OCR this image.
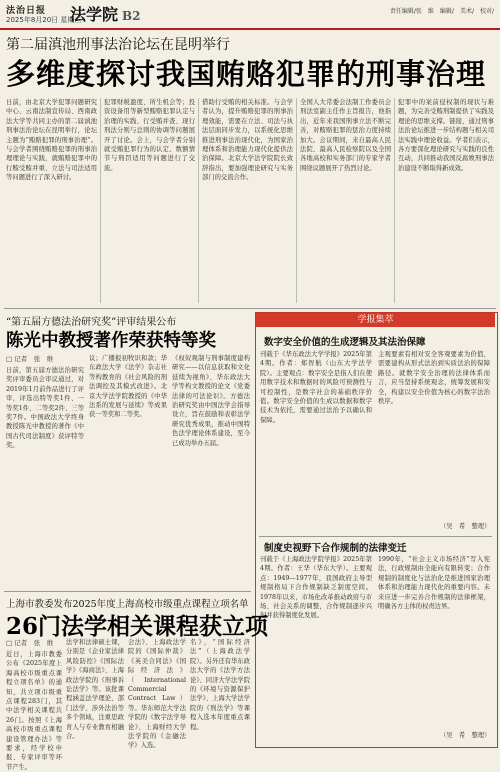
法治日报
2025年8月20日 星期三
法学院 B2	责任编辑/张　维　编辑/　美术/　校对/
第二届滇池刑事法治论坛在昆明举行
多维度探讨我国贿赂犯罪的刑事治理
日前，由北京大学犯罪问题研究中心、云南法制宣传局、西南政法大学等共同主办的第二届滇池刑事法治论坛在昆明举行，论坛主题为“贿赂犯罪的刑事治理”。与会学者围绕贿赂犯罪的刑事治理理论与实践，就贿赂犯罪中的行贿受贿并重、立法与司法适用等问题进行了深入研讨。
犯罪财税盈度、所生机会等；投资设备用等新型贿赂犯罪认定与治理的实践、行受贿并查、现行刑法分则与总则的协调等问题展开了讨论。会上，与会学者分别就受贿犯罪行为的认定、数额情节与刑罚适用等问题进行了交流。
借助行受贿的相关标准。与会学者认为，提升贿赂犯罪的刑事治理效能，需要在立法、司法与执法层面同步发力，以系统化思维推进刑事法治现代化，为国家治理体系和治理能力现代化提供法治保障。北京大学法学院院长致辞指出，要加强理论研究与实务部门的交流合作。
全国人大常委会法制工作委员会刑法室副主任作主旨报告，他指出，近年来我国刑事立法不断完善，对贿赂犯罪的惩治力度持续加大。会议期间，来自最高人民法院、最高人民检察院以及全国各地高校和实务部门的专家学者围绕议题展开了热烈讨论。
犯罪中的案前侵权制的现状与难题，为完善受贿刑制提供了实践及理论的思维支撑。链接，通过刑事法治论坛推进一步结构题与相关司法实践中理论收益。学者们表示，各方要深化理论研究与实践的良性互动，共同推动我国反腐败刑事法治建设不断取得新成效。
“第五届方德法治研究奖”评审结果公布
陈光中教授著作荣获特等奖
□ 记者　张　维
日前，第五届方德法治研究奖评审委员会审议通过，对2019年1月前作品进行了评审，评选出特等奖1件、一等奖1件、二等奖2件、三等奖7件。中国政法大学终身教授陈光中教授的著作《中国古代司法制度》获评特等奖。
议；广播报初牧识和款；华东政法大学《法学》杂志社等构教育的《社会风险的刑法调控及其模式改进》。北京大学法学院教授的《中华法系的发展与延续》等成果获一等奖和二等奖。
《权奴观制与刑事制度建构研究——以信息获取和文化延续为视角》、华东政法大学等构文教授的论文《党委法律的可法论识》。方德法治研究奖由中国法学会指导设立，旨在鼓励和表彰法学研究优秀成果，推动中国特色法学理论体系建设，至今已成功举办五届。
学报集萃
数字安全价值的生成逻辑及其法治保障
刊载于《华东政法大学学报》2025年第4期。作者：郑智航（山东大学法学院）。主要观点：数字安全是指人们在使用数字技术和数据时的风险可预测性与可控制性，是数字社会的基础秩序价值。数字安全价值的生成以数据和数字技术为依托，需要通过法治予以确认和保障。
主观要素有相对安全客观要素为价值，需要建构从形式法治到实质法治的保障路径。就数字安全治理的法律体系而言，应当坚持系统观念，统筹发展和安全，构建以安全价值为核心的数字法治秩序。
（吴　希　整理）
制度史视野下合作规制的法律变迁
刊载于《上海政法学院学报》2025年第4期。作者：王华（华东大学）。主要观点：1949—1977年，我国政府主导型规制格局下合作规制缺乏制度空间。1978年以来，市场化改革推动政府与市场、社会关系的调整，合作规制逐步兴起并获得制度化发展。
1990年，“社会主义市场经济”写入宪法，行政规制由全能向有限转变；合作规制的制度化与法治化是推进国家治理体系和治理能力现代化的重要内容。未来应进一步完善合作规制的法律框架，明确各方主体的权责边界。
（吴　希　整理）
上海市教委发布2025年度上海高校市级重点课程立项名单
26门法学相关课程获立项
□ 记者　张　维
近日，上海市教委公布《2025年度上海高校市级重点课程立项名单》的通知，共立项市级重点课程283门，其中法学相关课程共26门。按照《上海高校市级重点课程建设管理办法》等要求，经学校申报、专家评审等环节产生。
法学和法律硕士课，分别是《企业家法律风险防控》《国际法学》《海商法》、上海政法学院的《刑事诉讼法学》等。该批课程涵盖法学理论、部门法学、涉外法治等多个领域，注重思政育人与专业教育相融合。
会法》、上海政法学院的《国际仲裁》《英美合同法》《国际经济法》（International Commercial Contract Law）等。华东师范大学法学院的《数字法学导论》、上海财经大学法学院的《金融法学》入选。
名》，“国际经济法”（上海政法学院）。另外还有华东政法大学的《法学方法论》、同济大学法学院的《环境与资源保护法学》、上海大学法学院的《刑法学》等课程入选本年度重点课程。
